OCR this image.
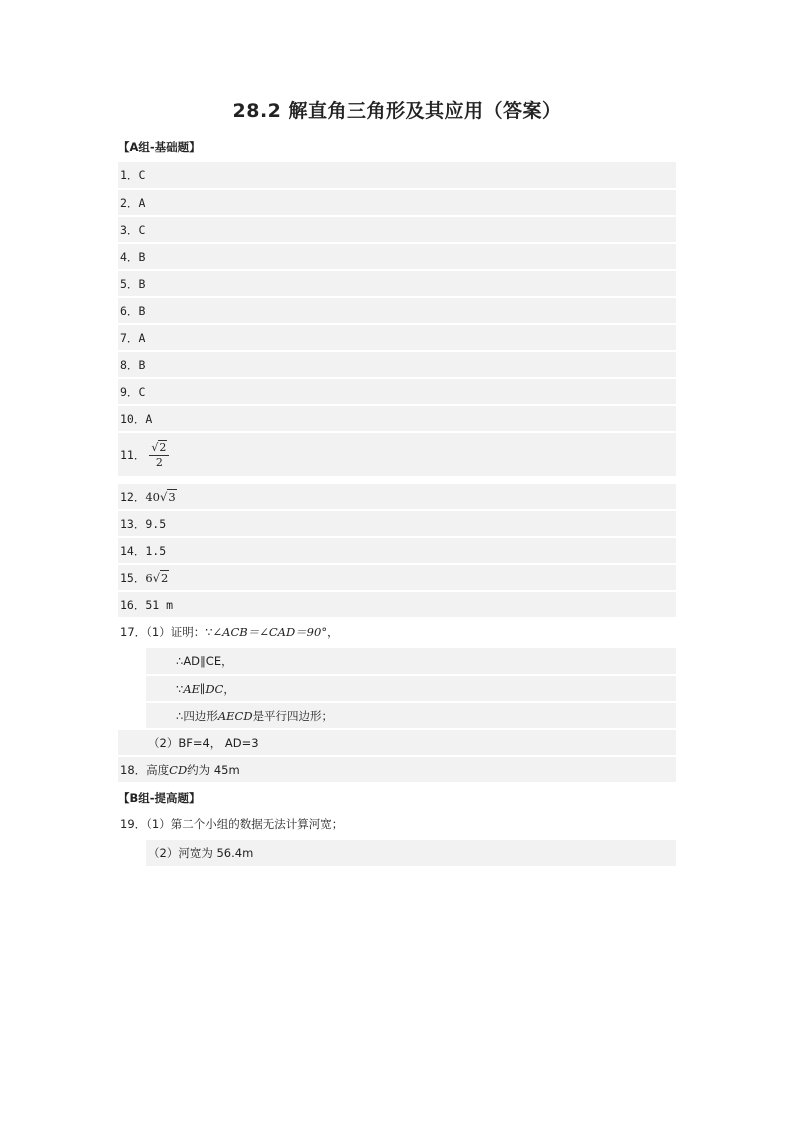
28.2 解直角三角形及其应用（答案）
【A组-基础题】
1．C
2．A
3．C
4．B
5．B
6．B
7．A
8．B
9．C
10．A
11． $\frac{√2}{2}$
12．40√3
13．9.5
14．1.5
15．6√2
16．51 m
17．（1）证明：∵∠ACB＝∠CAD＝90°，
∴AD∥CE，
∵AE∥DC，
∴四边形AECD是平行四边形；
（2）BF=4， AD=3
18．高度CD约为 45m
【B组-提高题】
19．（1）第二个小组的数据无法计算河宽；
（2）河宽为 56.4m
